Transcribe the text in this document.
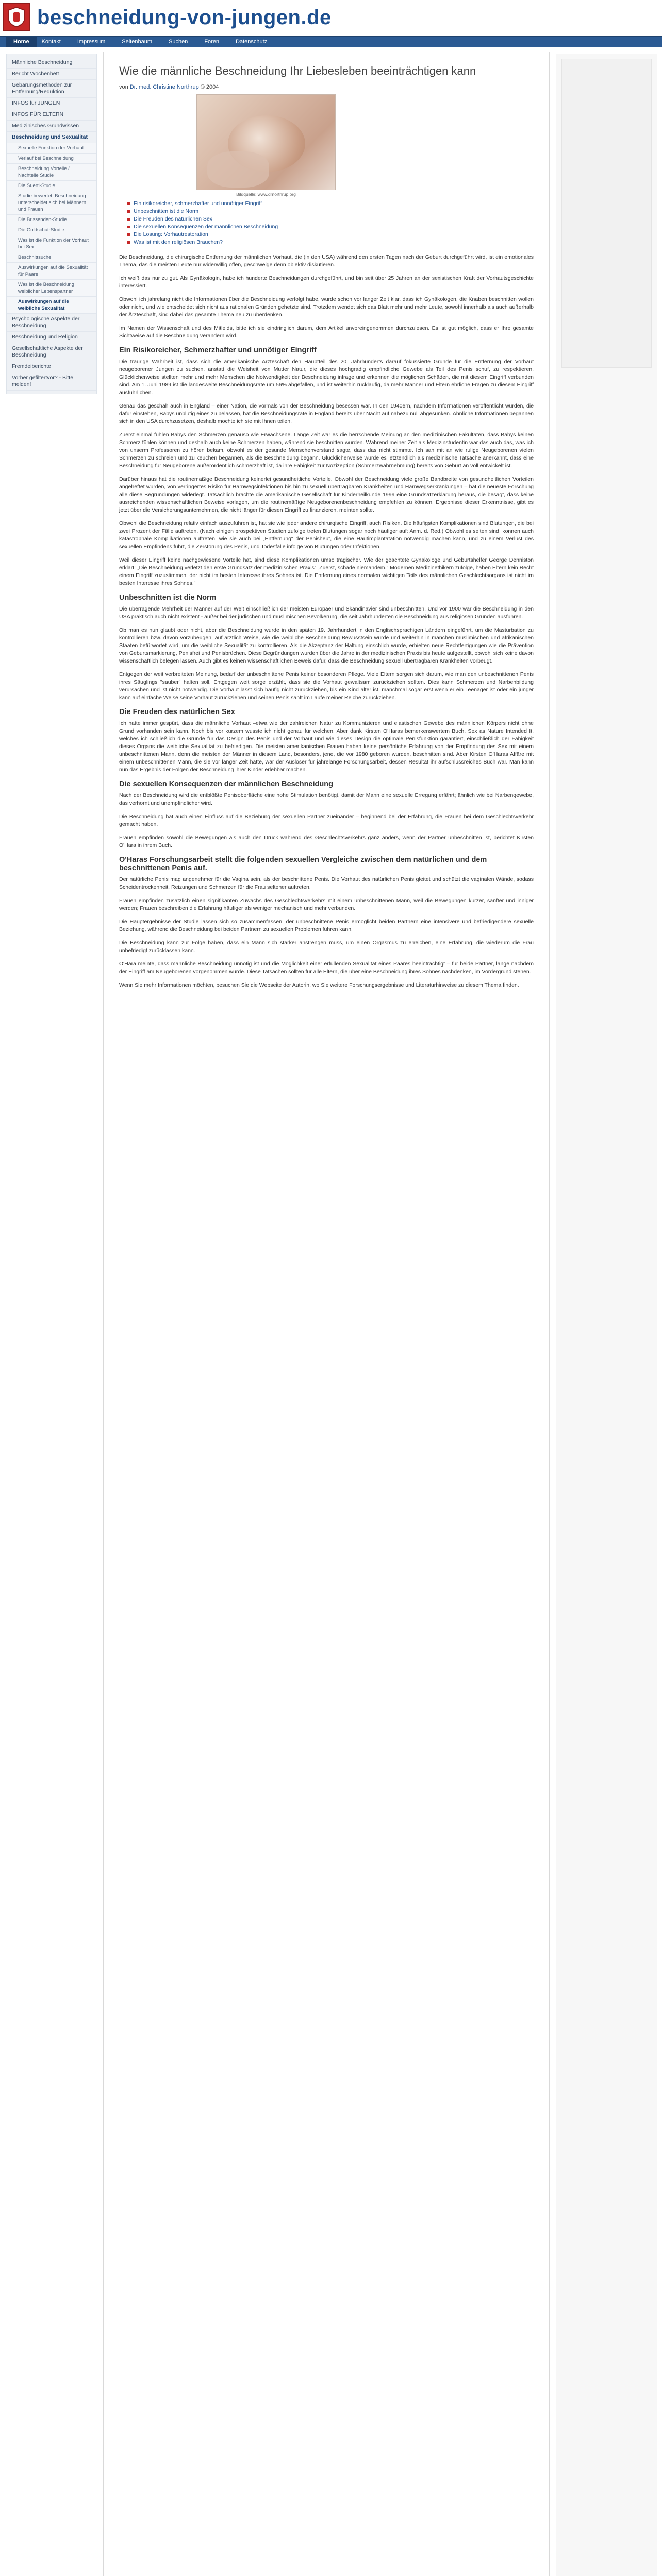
beschneidung-von-jungen.de
Home	Kontakt	Impressum	Seitenbaum	Suchen	Foren	Datenschutz
Männliche Beschneidung
Bericht Wochenbett
Gebärungsmethoden zur Entfernung/Reduktion
INFOS für JUNGEN
INFOS FÜR ELTERN
Medizinisches Grundwissen
Beschneidung und Sexualität
Sexuelle Funktion der Vorhaut
Verlauf bei Beschneidung
Beschneidung Vorteile / Nachteile Studie
Die Suerti-Studie
Studie bewertet: Beschneidung unterscheidet sich bei Männern und Frauen
Die Brissenden-Studie
Die Goldschut-Studie
Was ist die Funktion der Vorhaut bei Sex
Beschnittsuche
Auswirkungen auf die Sexualität für Paare
Was ist die Beschneidung weiblicher Lebenspartner
Auswirkungen auf die weibliche Sexualität
Psychologische Aspekte der Beschneidung
Beschneidung und Religion
Gesellschaftliche Aspekte der Beschneidung
Fremdeiberichte
Vorher gefiltertvor? - Bitte melden!
Wie die männliche Beschneidung Ihr Liebesleben beeinträchtigen kann
von Dr. med. Christine Northrup © 2004
Bildquelle: www.drnorthrup.org
Ein risikoreicher, schmerzhafter und unnötiger Eingriff
Unbeschnitten ist die Norm
Die Freuden des natürlichen Sex
Die sexuellen Konsequenzen der männlichen Beschneidung
Die Lösung: Vorhautrestoration
Was ist mit den religiösen Bräuchen?

Die Beschneidung, die chirurgische Entfernung der männlichen Vorhaut, die (in den USA) während den ersten Tagen nach der Geburt durchgeführt wird, ist ein emotionales Thema, das die meisten Leute nur widerwillig offen, geschweige denn objektiv diskutieren.

Ich weiß das nur zu gut. Als Gynäkologin, habe ich hunderte Beschneidungen durchgeführt, und bin seit über 25 Jahren an der sexistischen Kraft der Vorhautsgeschichte interessiert.

Obwohl ich jahrelang nicht die Informationen über die Beschneidung verfolgt habe, wurde schon vor langer Zeit klar, dass ich Gynäkologen, die Knaben beschnitten wollen oder nicht, und wie entscheidet sich nicht aus rationalen Gründen gehetzte sind. Trotzdem wendet sich das Blatt mehr und mehr Leute, sowohl innerhalb als auch außerhalb der Ärzteschaft, sind dabei das gesamte Thema neu zu überdenken.

Im Namen der Wissenschaft und des Mitleids, bitte ich sie eindringlich darum, dem Artikel unvoreingenommen durchzulesen. Es ist gut möglich, dass er Ihre gesamte Sichtweise auf die Beschneidung verändern wird.

Ein Risikoreicher, Schmerzhafter und unnötiger Eingriff

Die traurige Wahrheit ist, dass sich die amerikanische Ärzteschaft den Hauptteil des 20. Jahrhunderts darauf fokussierte Gründe für die Entfernung der Vorhaut neugeborener Jungen zu suchen, anstatt die Weisheit von Mutter Natur, die dieses hochgradig empfindliche Gewebe als Teil des Penis schuf, zu respektieren. Glücklicherweise stellten mehr und mehr Menschen die Notwendigkeit der Beschneidung infrage und erkennen die möglichen Schäden, die mit diesem Eingriff verbunden sind. Am 1. Juni 1989 ist die landesweite Beschneidungsrate um 56% abgefallen, und ist weiterhin rückläufig, da mehr Männer und Eltern ehrliche Fragen zu diesem Eingriff ausführlichen.

Genau das geschah auch in England – einer Nation, die vormals von der Beschneidung besessen war. In den 1940ern, nachdem Informationen veröffentlicht wurden, die dafür einstehen, Babys unblutig eines zu belassen, hat die Beschneidungsrate in England bereits über Nacht auf nahezu null abgesunken. Ähnliche Informationen begannen sich in den USA durchzusetzen, deshalb möchte ich sie mit Ihnen teilen.

Zuerst einmal fühlen Babys den Schmerzen genauso wie Erwachsene. Lange Zeit war es die herrschende Meinung an den medizinischen Fakultäten, dass Babys keinen Schmerz fühlen können und deshalb auch keine Schmerzen haben, während sie beschnitten wurden. Während meiner Zeit als Medizinstudentin war das auch das, was ich von unserm Professoren zu hören bekam, obwohl es der gesunde Menschenverstand sagte, dass das nicht stimmte. Ich sah mit an wie rulige Neugeborenen vielen Schmerzen zu schreien und zu keuchen begannen, als die Beschneidung begann. Glücklicherweise wurde es letztendlich als medizinische Tatsache anerkannt, dass eine Beschneidung für Neugeborene außerordentlich schmerzhaft ist, da ihre Fähigkeit zur Nozizeption (Schmerzwahrnehmung) bereits von Geburt an voll entwickelt ist.

Darüber hinaus hat die routinemäßige Beschneidung keinerlei gesundheitliche Vorteile. Obwohl der Beschneidung viele große Bandbreite von gesundheitlichen Vorteilen angeheftet wurden, von verringertes Risiko für Harnwegsinfektionen bis hin zu sexuell übertragbaren Krankheiten und Harnwegserkrankungen – hat die neueste Forschung alle diese Begründungen widerlegt. Tatsächlich brachte die amerikanische Gesellschaft für Kinderheilkunde 1999 eine Grundsatzerklärung heraus, die besagt, dass keine ausreichenden wissenschaftlichen Beweise vorlagen, um die routinemäßige Neugeborenenbeschneidung empfehlen zu können. Ergebnisse dieser Erkenntnisse, gibt es jetzt über die Versicherungsunternehmen, die nicht länger für diesen Eingriff zu finanzieren, meinten sollte.

Obwohl die Beschneidung relativ einfach auszuführen ist, hat sie wie jeder andere chirurgische Eingriff, auch Risiken. Die häufigsten Komplikationen sind Blutungen, die bei zwei Prozent der Fälle auftreten. (Nach einigen prospektiven Studien zufolge treten Blutungen sogar noch häufiger auf: Anm. d. Red.) Obwohl es selten sind, können auch katastrophale Komplikationen auftreten, wie sie auch bei „Entfernung" der Penisheut, die eine Hautimplantatation notwendig machen kann, und zu einem Verlust des sexuellen Empfindens führt, die Zerstörung des Penis, und Todesfälle infolge von Blutungen oder Infektionen.

Weil dieser Eingriff keine nachgewiesene Vorteile hat, sind diese Komplikationen umso tragischer. Wie der geachtete Gynäkologe und Geburtshelfer George Denniston erklärt: „Die Beschneidung verletzt den erste Grundsatz der medizinischen Praxis: „Zuerst, schade niemandem." Modernen Medizinethikern zufolge, haben Eltern kein Recht einem Eingriff zuzustimmen, der nicht im besten Interesse ihres Sohnes ist. Die Entfernung eines normalen wichtigen Teils des männlichen Geschlechtsorgans ist nicht im besten Interesse ihres Sohnes."

Unbeschnitten ist die Norm

Die überragende Mehrheit der Männer auf der Welt einschließlich der meisten Europäer und Skandinavier sind unbeschnitten. Und vor 1900 war die Beschneidung in den USA praktisch auch nicht existent - außer bei der jüdischen und muslimischen Bevölkerung, die seit Jahrhunderten die Beschneidung aus religiösen Gründen ausführen.

Ob man es nun glaubt oder nicht, aber die Beschneidung wurde in den späten 19. Jahrhundert in den Englischsprachigen Ländern eingeführt, um die Masturbation zu kontrollieren bzw. davon vorzubeugen, auf ärztlich Weise, wie die weibliche Beschneidung Bewusstsein wurde und weiterhin in manchen muslimischen und afrikanischen Staaten befürwortet wird, um die weibliche Sexualität zu kontrollieren. Als die Akzeptanz der Haltung einschlich wurde, erhielten neue Rechtfertigungen wie die Prävention von Geburtsmarkierung, Penisfrei und Penisbrüchen. Diese Begründungen wurden über die Jahre in der medizinischen Praxis bis heute aufgestellt, obwohl sich keine davon wissenschaftlich belegen lassen. Auch gibt es keinen wissenschaftlichen Beweis dafür, dass die Beschneidung sexuell übertragbaren Krankheiten vorbeugt.

Entgegen der weit verbreiteten Meinung, bedarf der unbeschnittene Penis keiner besonderen Pflege. Viele Eltern sorgen sich darum, wie man den unbeschnittenen Penis ihres Säuglings "sauber" halten soll. Entgegen weit sorge erzählt, dass sie die Vorhaut gewaltsam zurückziehen sollten. Dies kann Schmerzen und Narbenbildung verursachen und ist nicht notwendig. Die Vorhaut lässt sich häufig nicht zurückziehen, bis ein Kind älter ist, manchmal sogar erst wenn er ein Teenager ist oder ein junger kann auf einfache Weise seine Vorhaut zurückziehen und seinen Penis sanft im Laufe meiner Reiche zurückziehen.

Die Freuden des natürlichen Sex

Ich hatte immer gespürt, dass die männliche Vorhaut –etwa wie der zahlreichen Natur zu Kommunizieren und elastischen Gewebe des männlichen Körpers nicht ohne Grund vorhanden sein kann. Noch bis vor kurzem wusste ich nicht genau für welchen. Aber dank Kirsten O'Haras bemerkenswertem Buch, Sex as Nature Intended It, welches ich schließlich die Gründe für das Design des Penis und der Vorhaut und wie dieses Design die optimale Penisfunktion garantiert, einschließlich der Fähigkeit dieses Organs die weibliche Sexualität zu befriedigen. Die meisten amerikanischen Frauen haben keine persönliche Erfahrung von der Empfindung des Sex mit einem unbeschnittenen Mann, denn die meisten der Männer in diesem Land, besonders, jene, die vor 1980 geboren wurden, beschnitten sind. Aber Kirsten O'Haras Affäre mit einem unbeschnittenen Mann, die sie vor langer Zeit hatte, war der Auslöser für jahrelange Forschungsarbeit, dessen Resultat ihr aufschlussreiches Buch war. Man kann nun das Ergebnis der Folgen der Beschneidung ihrer Kinder erlebbar machen.

Die sexuellen Konsequenzen der männlichen Beschneidung

Nach der Beschneidung wird die entblößte Penisoberfläche eine hohe Stimulation benötigt, damit der Mann eine sexuelle Erregung erfährt; ähnlich wie bei Narbengewebe, das verhornt und unempfindlicher wird.

Die Beschneidung hat auch einen Einfluss auf die Beziehung der sexuellen Partner zueinander – beginnend bei der Erfahrung, die Frauen bei dem Geschlechtsverkehr gemacht haben.

Frauen empfinden sowohl die Bewegungen als auch den Druck während des Geschlechtsverkehrs ganz anders, wenn der Partner unbeschnitten ist, berichtet Kirsten O'Hara in ihrem Buch.

O'Haras Forschungsarbeit stellt die folgenden sexuellen Vergleiche zwischen dem natürlichen und dem beschnittenen Penis auf.

Der natürliche Penis mag angenehmer für die Vagina sein, als der beschnittene Penis. Die Vorhaut des natürlichen Penis gleitet und schützt die vaginalen Wände, sodass Scheidentrockenheit, Reizungen und Schmerzen für die Frau seltener auftreten.

Frauen empfinden zusätzlich einen signifikanten Zuwachs des Geschlechtsverkehrs mit einem unbeschnittenen Mann, weil die Bewegungen kürzer, sanfter und inniger werden; Frauen beschreiben die Erfahrung häufiger als weniger mechanisch und mehr verbunden.

Die Hauptergebnisse der Studie lassen sich so zusammenfassen: der unbeschnittene Penis ermöglicht beiden Partnern eine intensivere und befriedigendere sexuelle Beziehung, während die Beschneidung bei beiden Partnern zu sexuellen Problemen führen kann.

Die Beschneidung kann zur Folge haben, dass ein Mann sich stärker anstrengen muss, um einen Orgasmus zu erreichen, eine Erfahrung, die wiederum die Frau unbefriedigt zurücklassen kann.

O'Hara meinte, dass männliche Beschneidung unnötig ist und die Möglichkeit einer erfüllenden Sexualität eines Paares beeinträchtigt – für beide Partner, lange nachdem der Eingriff am Neugeborenen vorgenommen wurde. Diese Tatsachen sollten für alle Eltern, die über eine Beschneidung ihres Sohnes nachdenken, im Vordergrund stehen.

Wenn Sie mehr Informationen möchten, besuchen Sie die Webseite der Autorin, wo Sie weitere Forschungsergebnisse und Literaturhinweise zu diesem Thema finden.
